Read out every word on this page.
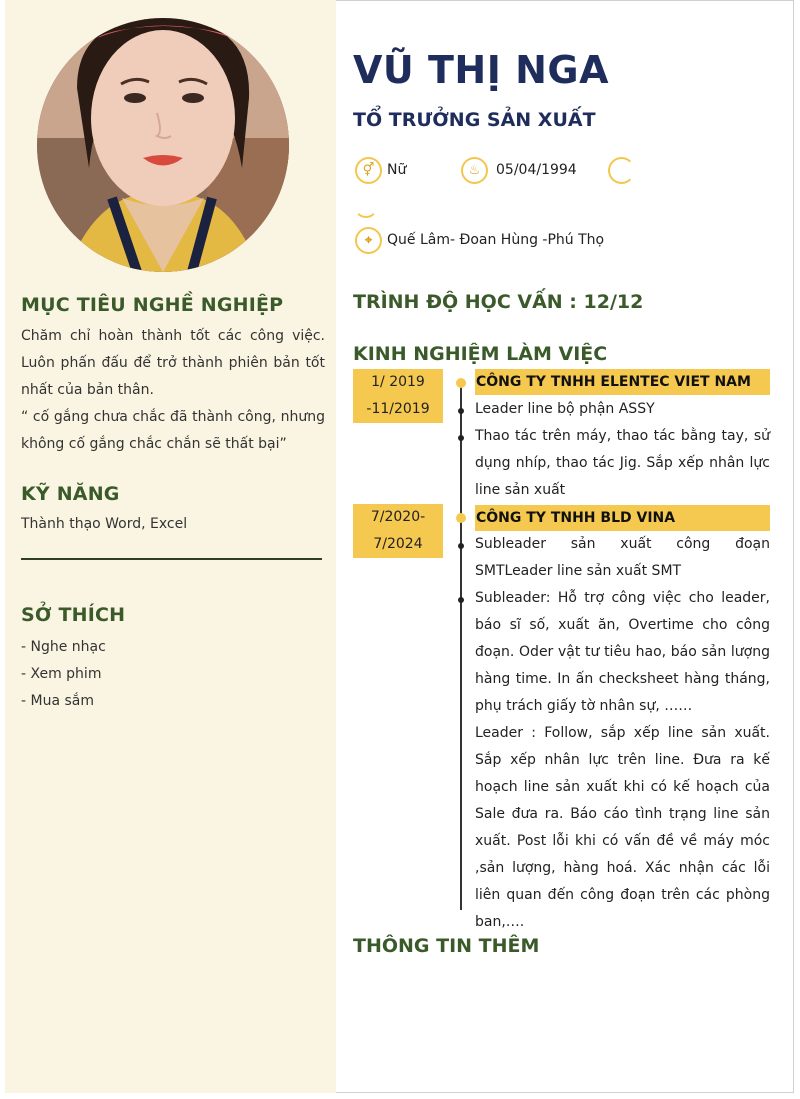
MỤC TIÊU NGHỀ NGHIỆP

Chăm chỉ hoàn thành tốt các công việc. Luôn phấn đấu để trở thành phiên bản tốt nhất của bản thân.

“ cố gắng chưa chắc đã thành công, nhưng không cố gắng chắc chắn sẽ thất bại”

KỸ NĂNG
Thành thạo Word, Excel
SỞ THÍCH
- Nghe nhạc
- Xem phim
- Mua sắm
VŨ THỊ NGA
TỔ TRƯỞNG SẢN XUẤT
⚥ Nữ	♨	05/04/1994
⌖	Quế Lâm- Đoan Hùng -Phú Thọ
TRÌNH ĐỘ HỌC VẤN : 12/12
KINH NGHIỆM LÀM VIỆC
1/ 2019
-11/2019
CÔNG TY TNHH ELENTEC VIET NAM
Leader line bộ phận ASSY
Thao tác trên máy, thao tác bằng tay, sử dụng nhíp, thao tác Jig. Sắp xếp nhân lực line sản xuất
7/2020-
7/2024
CÔNG TY TNHH BLD VINA
Subleader sản xuất công đoạn SMTLeader line sản xuất SMT
Subleader: Hỗ trợ công việc cho leader, báo sĩ số, xuất ăn, Overtime cho công đoạn. Oder vật tư tiêu hao, báo sản lượng hàng time. In ấn checksheet hàng tháng, phụ trách giấy tờ nhân sự, ……
Leader : Follow, sắp xếp line sản xuất. Sắp xếp nhân lực trên line. Đưa ra kế hoạch line sản xuất khi có kế hoạch của Sale đưa ra. Báo cáo tình trạng line sản xuất. Post lỗi khi có vấn đề về máy móc ,sản lượng, hàng hoá. Xác nhận các lỗi liên quan đến công đoạn trên các phòng ban,….
THÔNG TIN THÊM
